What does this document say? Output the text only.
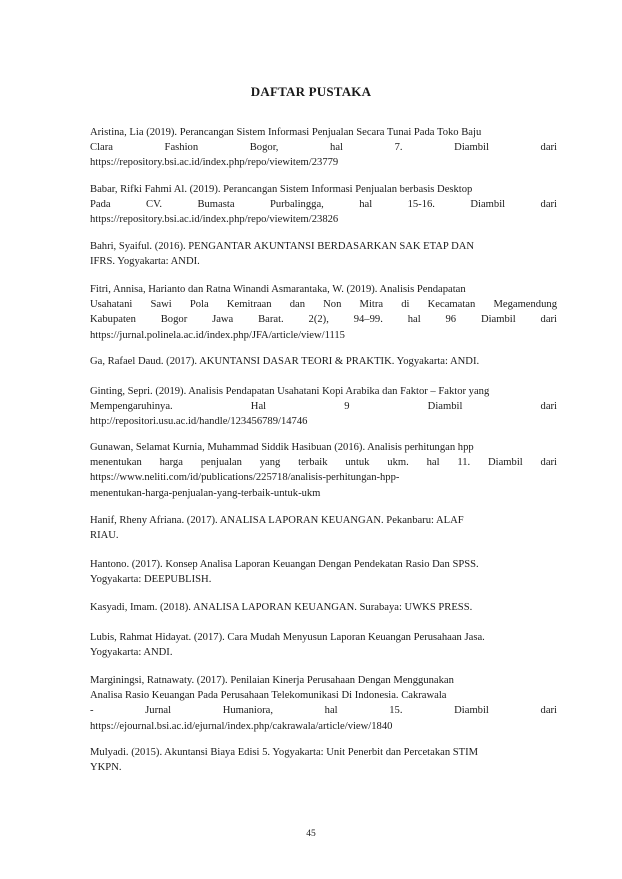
DAFTAR PUSTAKA
Aristina, Lia (2019). Perancangan Sistem Informasi Penjualan Secara Tunai Pada Toko Baju
Clara Fashion Bogor, hal 7. Diambil dari
https://repository.bsi.ac.id/index.php/repo/viewitem/23779
Babar, Rifki Fahmi Al. (2019). Perancangan Sistem Informasi Penjualan berbasis Desktop
Pada CV. Bumasta Purbalingga, hal 15-16. Diambil dari
https://repository.bsi.ac.id/index.php/repo/viewitem/23826
Bahri, Syaiful. (2016). PENGANTAR AKUNTANSI BERDASARKAN SAK ETAP DAN
IFRS. Yogyakarta: ANDI.
Fitri, Annisa, Harianto dan Ratna Winandi Asmarantaka, W. (2019). Analisis Pendapatan
Usahatani Sawi Pola Kemitraan dan Non Mitra di Kecamatan Megamendung
Kabupaten Bogor Jawa Barat. 2(2), 94–99. hal 96 Diambil dari
https://jurnal.polinela.ac.id/index.php/JFA/article/view/1115
Ga, Rafael Daud. (2017). AKUNTANSI DASAR TEORI & PRAKTIK. Yogyakarta: ANDI.
Ginting, Sepri. (2019). Analisis Pendapatan Usahatani Kopi Arabika dan Faktor – Faktor yang
Mempengaruhinya. Hal 9 Diambil dari
http://repositori.usu.ac.id/handle/123456789/14746
Gunawan, Selamat Kurnia, Muhammad Siddik Hasibuan (2016). Analisis perhitungan hpp
menentukan harga penjualan yang terbaik untuk ukm. hal 11. Diambil dari
https://www.neliti.com/id/publications/225718/analisis-perhitungan-hpp-
menentukan-harga-penjualan-yang-terbaik-untuk-ukm
Hanif, Rheny Afriana. (2017). ANALISA LAPORAN KEUANGAN. Pekanbaru: ALAF
RIAU.
Hantono. (2017). Konsep Analisa Laporan Keuangan Dengan Pendekatan Rasio Dan SPSS.
Yogyakarta: DEEPUBLISH.
Kasyadi, Imam. (2018). ANALISA LAPORAN KEUANGAN. Surabaya: UWKS PRESS.
Lubis, Rahmat Hidayat. (2017). Cara Mudah Menyusun Laporan Keuangan Perusahaan Jasa.
Yogyakarta: ANDI.
Marginingsi, Ratnawaty. (2017). Penilaian Kinerja Perusahaan Dengan Menggunakan
Analisa Rasio Keuangan Pada Perusahaan Telekomunikasi Di Indonesia. Cakrawala
- Jurnal Humaniora, hal 15. Diambil dari
https://ejournal.bsi.ac.id/ejurnal/index.php/cakrawala/article/view/1840
Mulyadi. (2015). Akuntansi Biaya Edisi 5. Yogyakarta: Unit Penerbit dan Percetakan STIM
YKPN.
45
